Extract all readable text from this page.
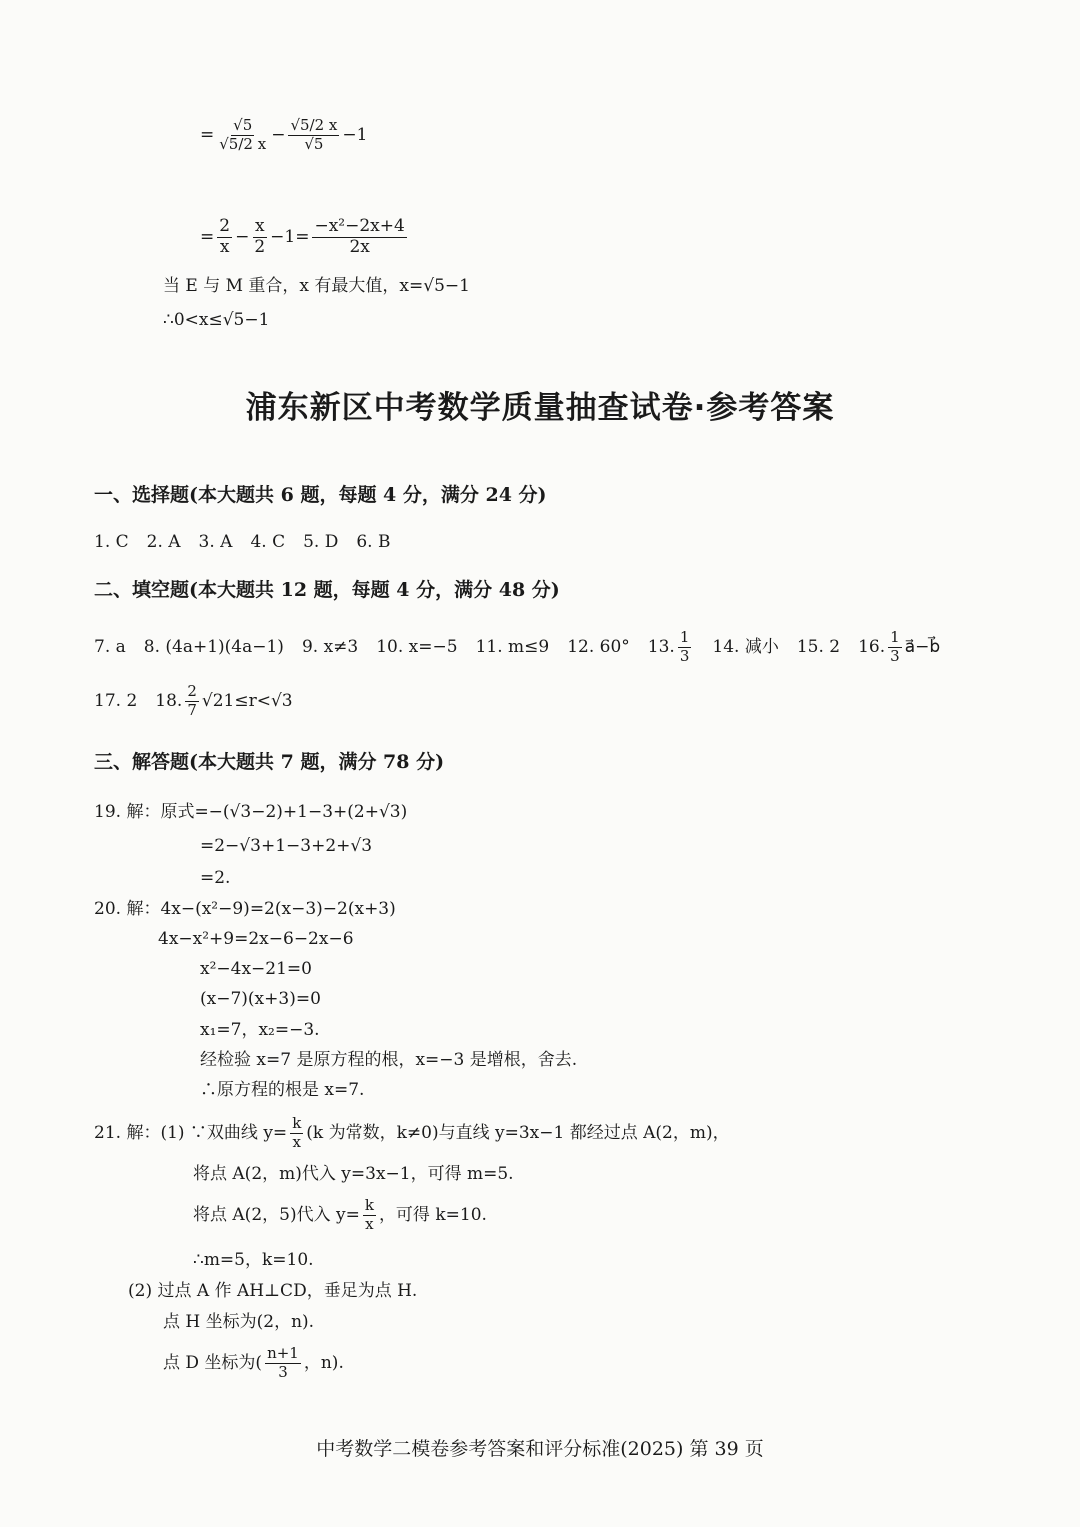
= $\frac{√5}{√5/2 x} - \frac{√5/2 x}{√5} -1$
= $\frac{2}{x} - \frac{x}{2} -1= \frac{\text{−x²−2x+4}}{2x}$
当 E 与 M 重合，x 有最大值，x=√5−1
∴0<x≤√5−1
浦东新区中考数学质量抽查试卷·参考答案
一、选择题(本大题共 6 题，每题 4 分，满分 24 分)
1. C 2. A 3. A 4. C 5. D 6. B
二、填空题(本大题共 12 题，每题 4 分，满分 48 分)
7. a 8. (4a+1)(4a−1) 9. x≠3 10. x=−5 11. m≤9 12. 60° 13. $\frac{1}{3} 14$. 减小 15. 2 16. $\frac{1}{3}$ a⃗−b⃗
17. 2 18. $\frac{2}{7} √21\le r<√3$
三、解答题(本大题共 7 题，满分 78 分)
19. 解：原式=−(√3−2)+1−3+(2+√3)
=2−√3+1−3+2+√3
=2.
20. 解：4x−(x²−9)=2(x−3)−2(x+3)
4x−x²+9=2x−6−2x−6
x²−4x−21=0
(x−7)(x+3)=0
x₁=7，x₂=−3.
经检验 x=7 是原方程的根，x=−3 是增根，舍去.
∴原方程的根是 x=7.
21. 解：(1) ∵双曲线 $y= \frac{k}{x} (k$ 为常数，k≠0)与直线 y=3x−1 都经过点 A(2，m)，
将点 A(2，m)代入 y=3x−1，可得 m=5.
将点 A(2，5)代入 $y= \frac{k}{x}$ ，可得 k=10.
∴m=5，k=10.
(2) 过点 A 作 AH⊥CD，垂足为点 H.
点 H 坐标为(2，n).
点 D 坐标为( $\frac{n+1}{3}$ ，n).
中考数学二模卷参考答案和评分标准(2025) 第 39 页
